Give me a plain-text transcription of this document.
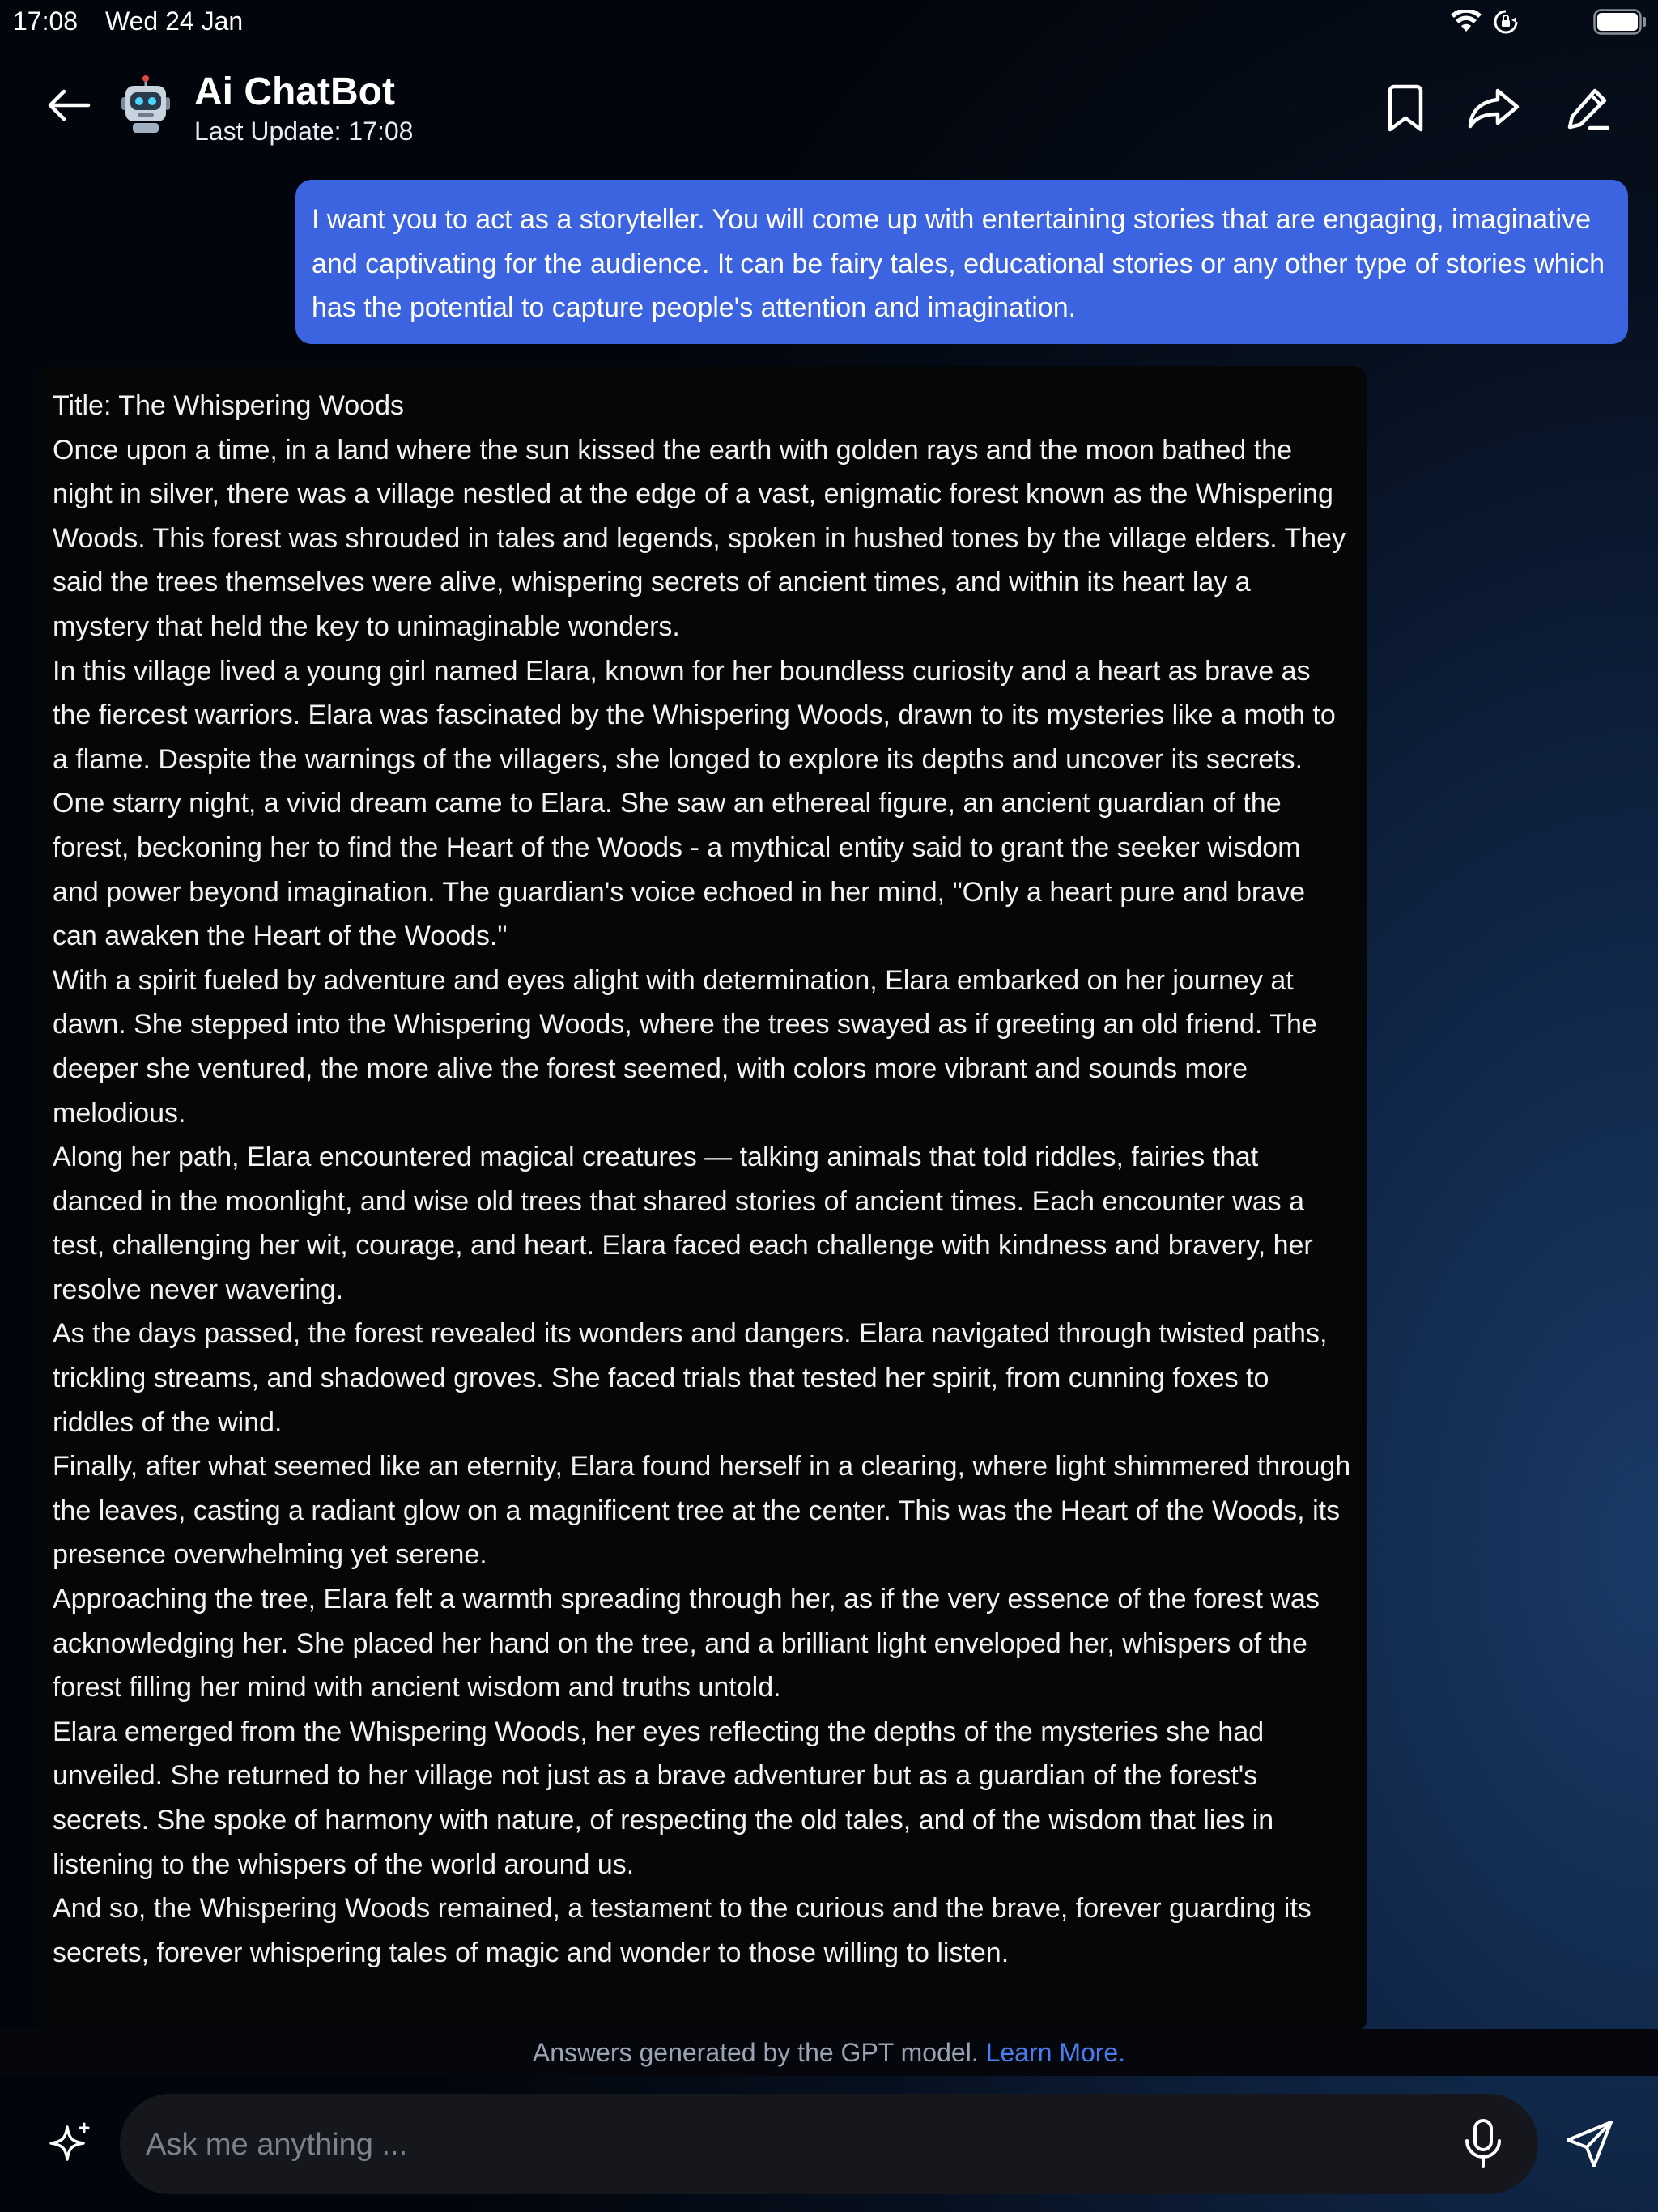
17:08 Wed 24 Jan
Ai ChatBot
Last Update: 17:08
I want you to act as a storyteller. You will come up with entertaining stories that are engaging, imaginative and captivating for the audience. It can be fairy tales, educational stories or any other type of stories which has the potential to capture people's attention and imagination.

Title: The Whispering Woods

Once upon a time, in a land where the sun kissed the earth with golden rays and the moon bathed the night in silver, there was a village nestled at the edge of a vast, enigmatic forest known as the Whispering Woods. This forest was shrouded in tales and legends, spoken in hushed tones by the village elders. They said the trees themselves were alive, whispering secrets of ancient times, and within its heart lay a mystery that held the key to unimaginable wonders.

In this village lived a young girl named Elara, known for her boundless curiosity and a heart as brave as the fiercest warriors. Elara was fascinated by the Whispering Woods, drawn to its mysteries like a moth to a flame. Despite the warnings of the villagers, she longed to explore its depths and uncover its secrets.

One starry night, a vivid dream came to Elara. She saw an ethereal figure, an ancient guardian of the forest, beckoning her to find the Heart of the Woods - a mythical entity said to grant the seeker wisdom and power beyond imagination. The guardian's voice echoed in her mind, "Only a heart pure and brave can awaken the Heart of the Woods."

With a spirit fueled by adventure and eyes alight with determination, Elara embarked on her journey at dawn. She stepped into the Whispering Woods, where the trees swayed as if greeting an old friend. The deeper she ventured, the more alive the forest seemed, with colors more vibrant and sounds more melodious.

Along her path, Elara encountered magical creatures — talking animals that told riddles, fairies that danced in the moonlight, and wise old trees that shared stories of ancient times. Each encounter was a test, challenging her wit, courage, and heart. Elara faced each challenge with kindness and bravery, her resolve never wavering.

As the days passed, the forest revealed its wonders and dangers. Elara navigated through twisted paths, trickling streams, and shadowed groves. She faced trials that tested her spirit, from cunning foxes to riddles of the wind.

Finally, after what seemed like an eternity, Elara found herself in a clearing, where light shimmered through the leaves, casting a radiant glow on a magnificent tree at the center. This was the Heart of the Woods, its presence overwhelming yet serene.

Approaching the tree, Elara felt a warmth spreading through her, as if the very essence of the forest was acknowledging her. She placed her hand on the tree, and a brilliant light enveloped her, whispers of the forest filling her mind with ancient wisdom and truths untold.

Elara emerged from the Whispering Woods, her eyes reflecting the depths of the mysteries she had unveiled. She returned to her village not just as a brave adventurer but as a guardian of the forest's secrets. She spoke of harmony with nature, of respecting the old tales, and of the wisdom that lies in listening to the whispers of the world around us.

And so, the Whispering Woods remained, a testament to the curious and the brave, forever guarding its secrets, forever whispering tales of magic and wonder to those willing to listen.

Answers generated by the GPT model. Learn More.
Ask me anything ...
